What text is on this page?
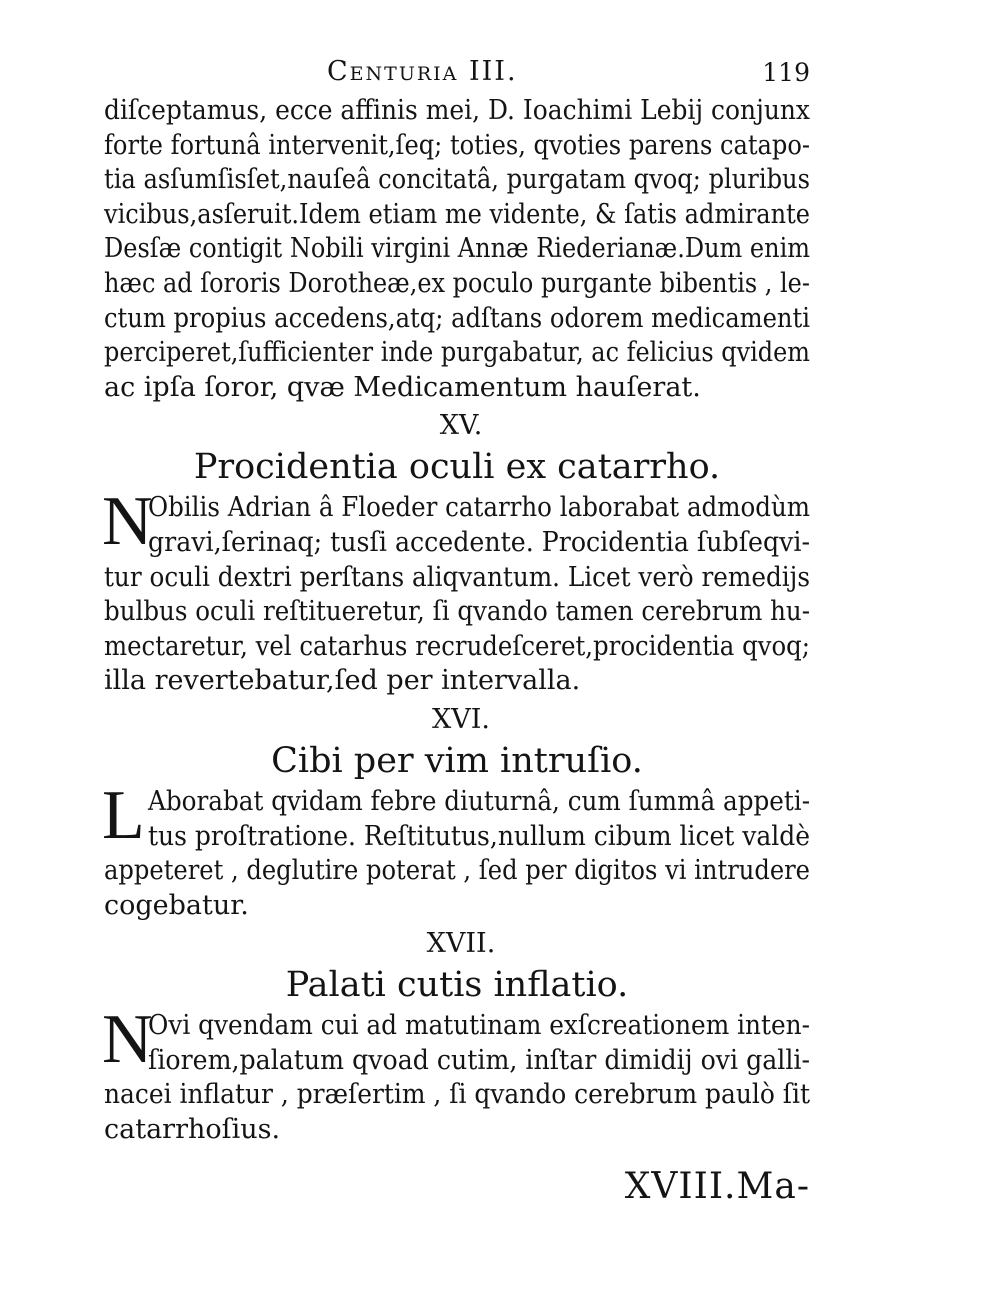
Centuria III.	119
diſceptamus, ecce affinis mei, D. Ioachimi Lebij conjunx
forte fortunâ intervenit,ſeq; toties, qvoties parens catapo-
tia asſumſisſet,nauſeâ concitatâ, purgatam qvoq; pluribus
vicibus,asſeruit.Idem etiam me vidente, & ſatis admirante
Desſæ contigit Nobili virgini Annæ Riederianæ.Dum enim
hæc ad ſororis Dorotheæ,ex poculo purgante bibentis , le-
ctum propius accedens,atq; adſtans odorem medicamenti
perciperet,ſufficienter inde purgabatur, ac felicius qvidem
ac ipſa ſoror, qvæ Medicamentum hauſerat.
XV.
Procidentia oculi ex catarrho.
N
Obilis Adrian â Floeder catarrho laborabat admodùm
gravi,ſerinaq; tusſi accedente. Procidentia ſubſeqvi-
tur oculi dextri perſtans aliqvantum. Licet verò remedijs
bulbus oculi reſtitueretur, ſi qvando tamen cerebrum hu-
mectaretur, vel catarhus recrudeſceret,procidentia qvoq;
illa revertebatur,ſed per intervalla.
XVI.
Cibi per vim intruſio.
L Aborabat qvidam febre diuturnâ, cum ſummâ appeti-
tus proſtratione. Reſtitutus,nullum cibum licet valdè
appeteret , deglutire poterat , ſed per digitos vi intrudere
cogebatur.
XVII.
Palati cutis inflatio.
N
Ovi qvendam cui ad matutinam exſcreationem inten-
ſiorem,palatum qvoad cutim, inſtar dimidij ovi galli-
nacei inflatur , præſertim , ſi qvando cerebrum paulò ſit
catarrhoſius.
XVIII.Ma-
